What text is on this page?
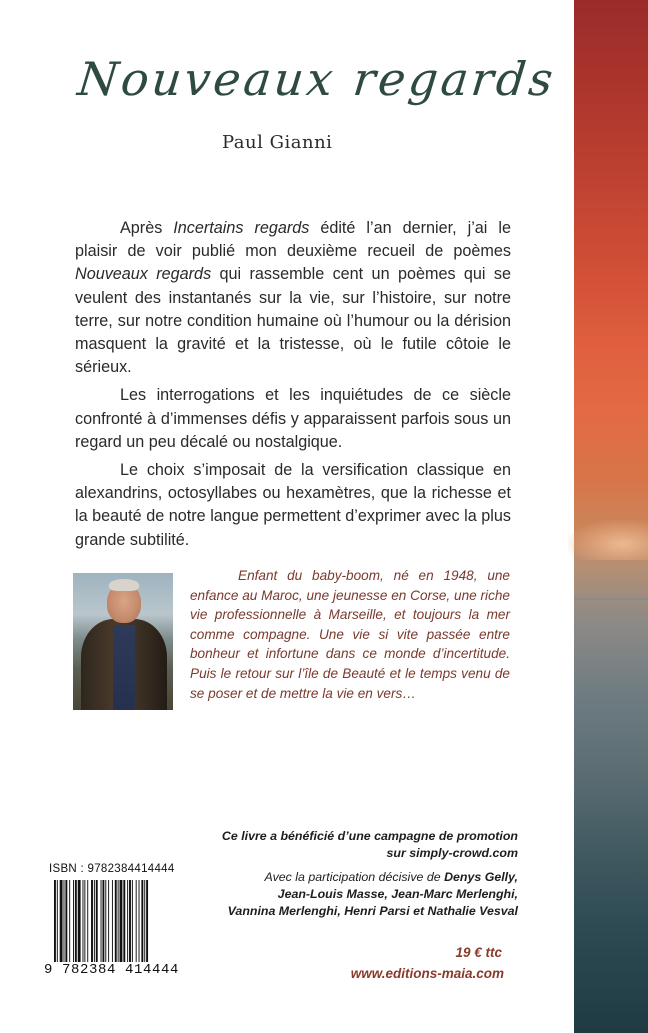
Nouveaux regards
Paul Gianni

Après Incertains regards édité l’an dernier, j’ai le plaisir de voir publié mon deuxième recueil de poèmes Nouveaux regards qui rassemble cent un poèmes qui se veulent des instantanés sur la vie, sur l’histoire, sur notre terre, sur notre condition humaine où l’humour ou la dérision masquent la gravité et la tristesse, où le futile côtoie le sérieux.

Les interrogations et les inquiétudes de ce siècle confronté à d’immenses défis y apparaissent parfois sous un regard un peu décalé ou nostalgique.

Le choix s’imposait de la versification classique en alexandrins, octosyllabes ou hexamètres, que la richesse et la beauté de notre langue permettent d’exprimer avec la plus grande subtilité.

Enfant du baby-boom, né en 1948, une enfance au Maroc, une jeunesse en Corse, une riche vie professionnelle à Marseille, et toujours la mer comme compagne. Une vie si vite passée entre bonheur et infortune dans ce monde d’incertitude. Puis le retour sur l’île de Beauté et le temps venu de se poser et de mettre la vie en vers…

Ce livre a bénéficié d’une campagne de promotion
sur simply-crowd.com
Avec la participation décisive de Denys Gelly,
Jean-Louis Masse, Jean-Marc Merlenghi,
Vannina Merlenghi, Henri Parsi et Nathalie Vesval
ISBN : 9782384414444
9 782384 414444
19 € ttc
www.editions-maia.com
